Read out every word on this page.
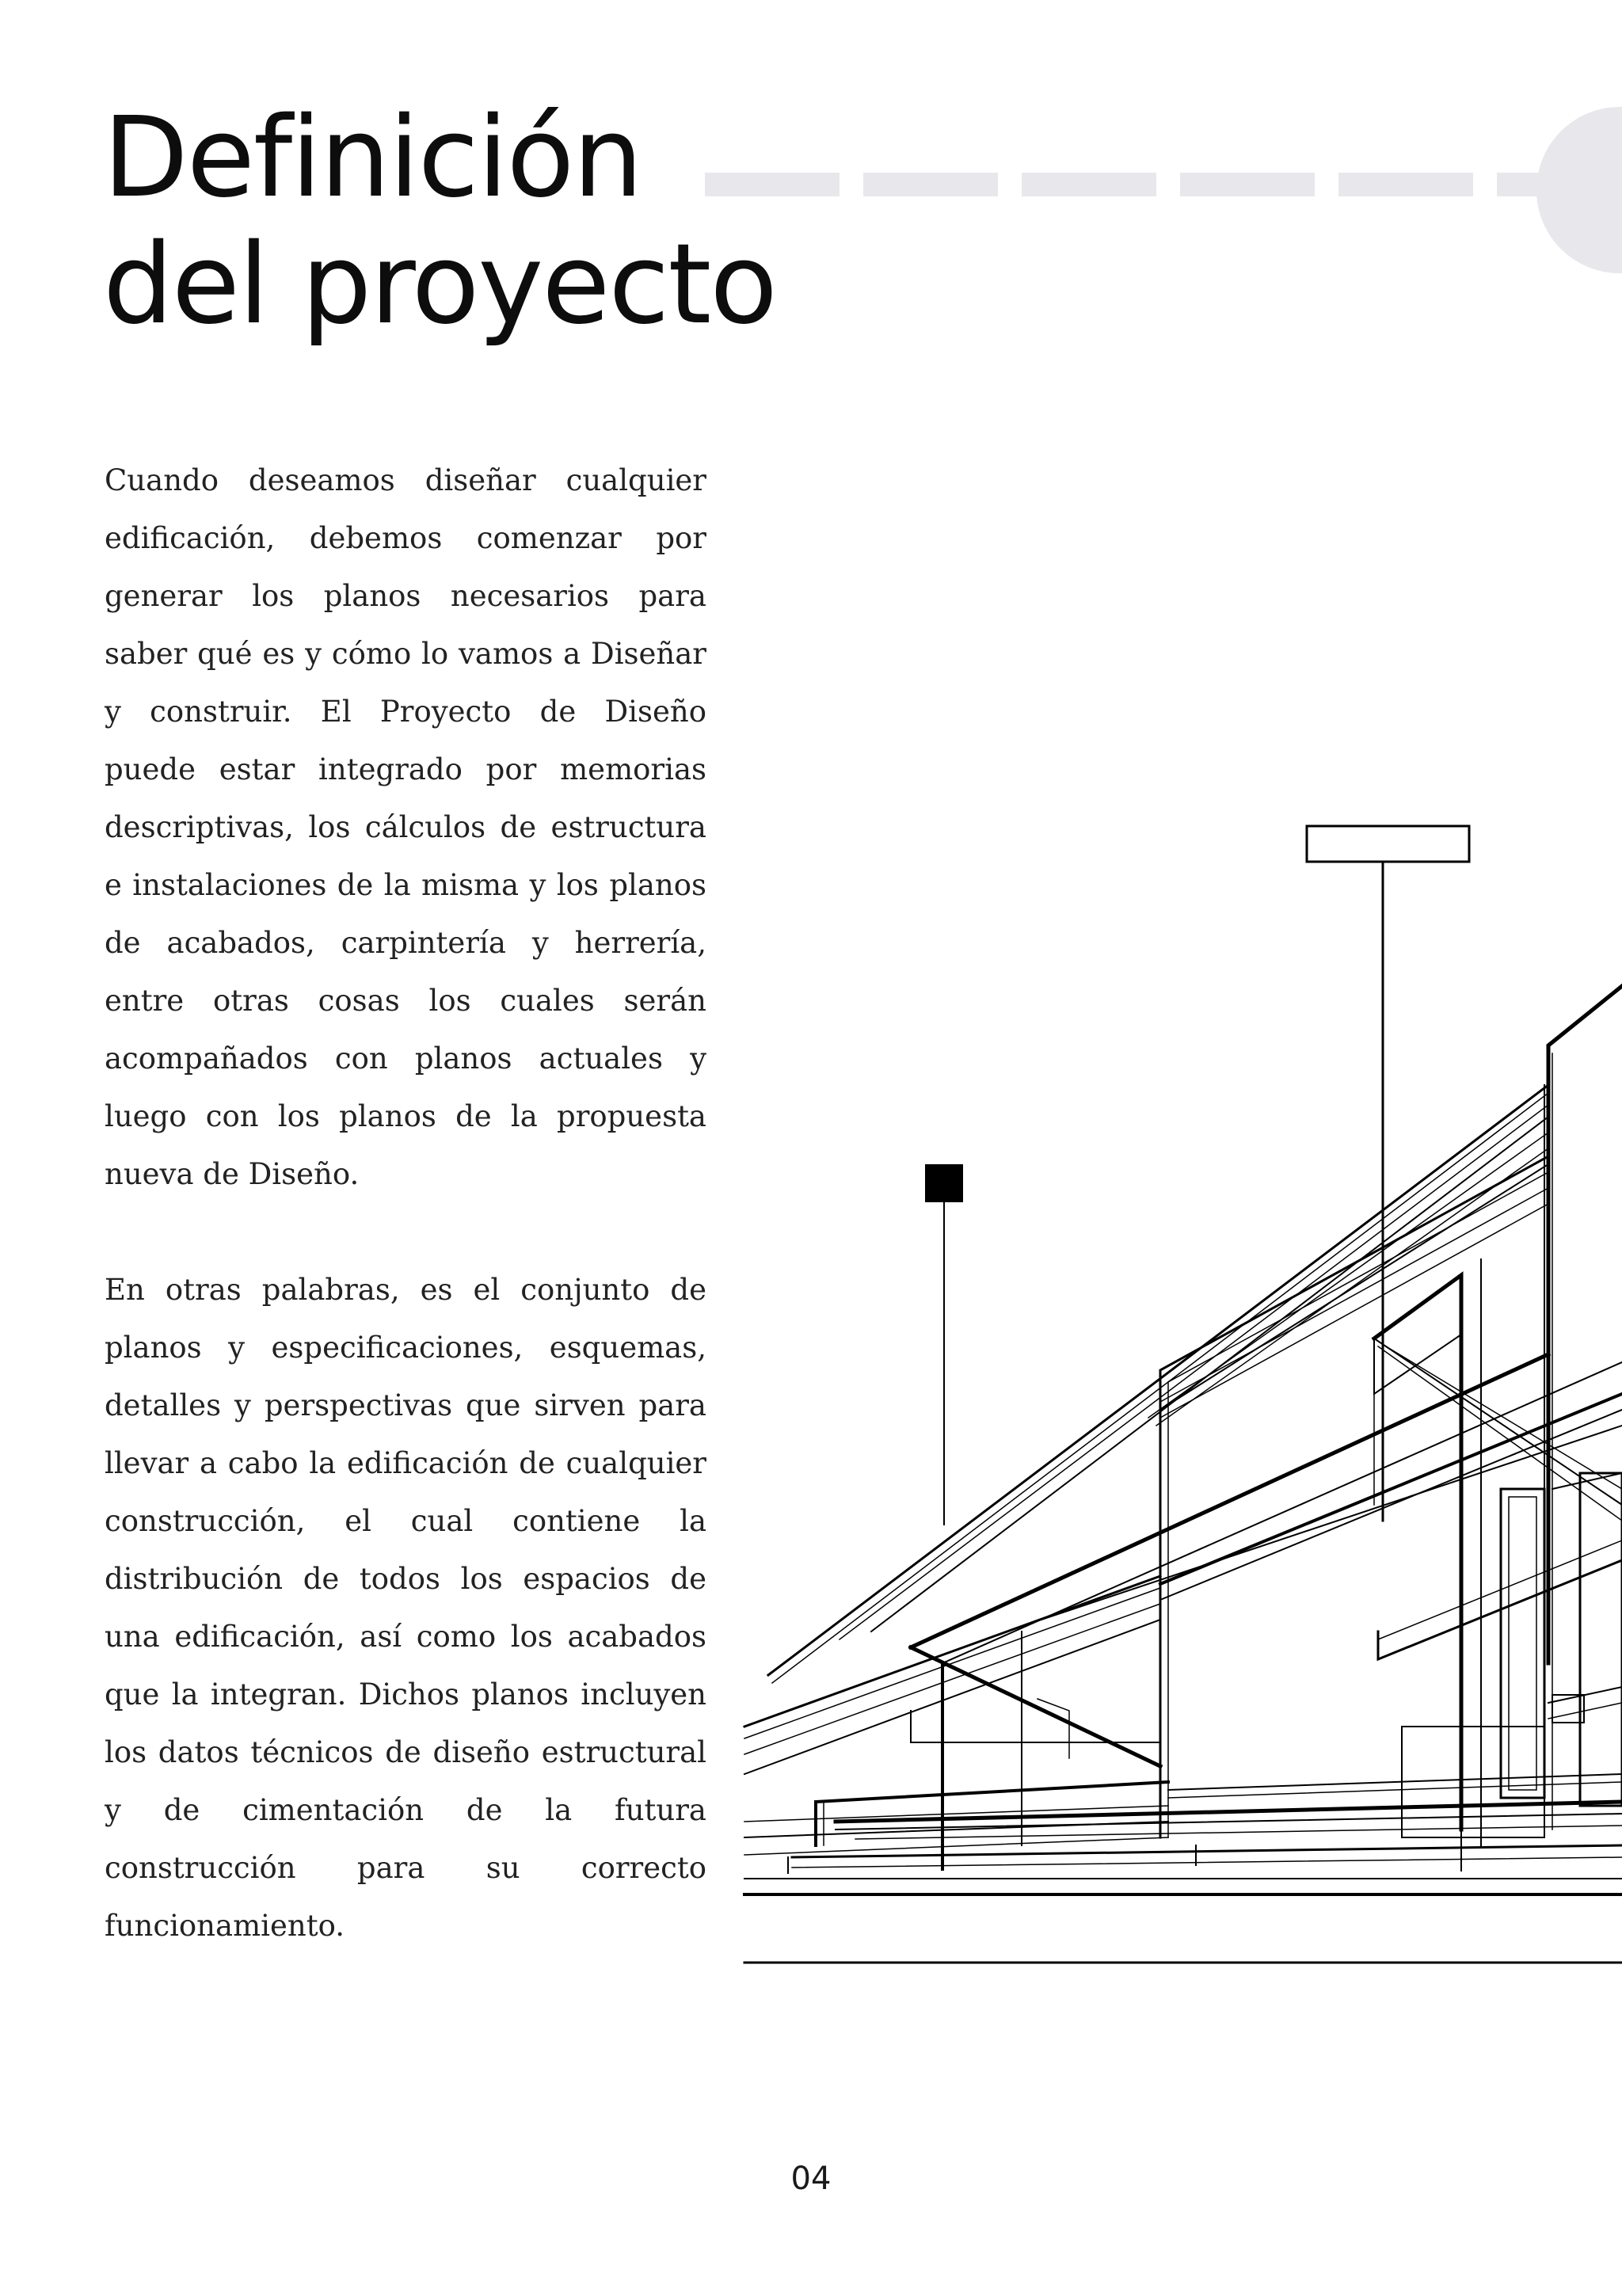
Definición
del proyecto

Cuando deseamos diseñar cualquier edificación, debemos comenzar por generar los planos necesarios para saber qué es y cómo lo vamos a Diseñar y construir. El Proyecto de Diseño puede estar integrado por memorias descriptivas, los cálculos de estructura e instalaciones de la misma y los planos de acabados, carpintería y herrería, entre otras cosas los cuales serán acompañados con planos actuales y luego con los planos de la propuesta nueva de Diseño.

En otras palabras, es el conjunto de planos y especificaciones, esquemas, detalles y perspectivas que sirven para llevar a cabo la edificación de cualquier construcción, el cual contiene la distribución de todos los espacios de una edificación, así como los acabados que la integran. Dichos planos incluyen los datos técnicos de diseño estructural y de cimentación de la futura construcción para su correcto funcionamiento.

04
